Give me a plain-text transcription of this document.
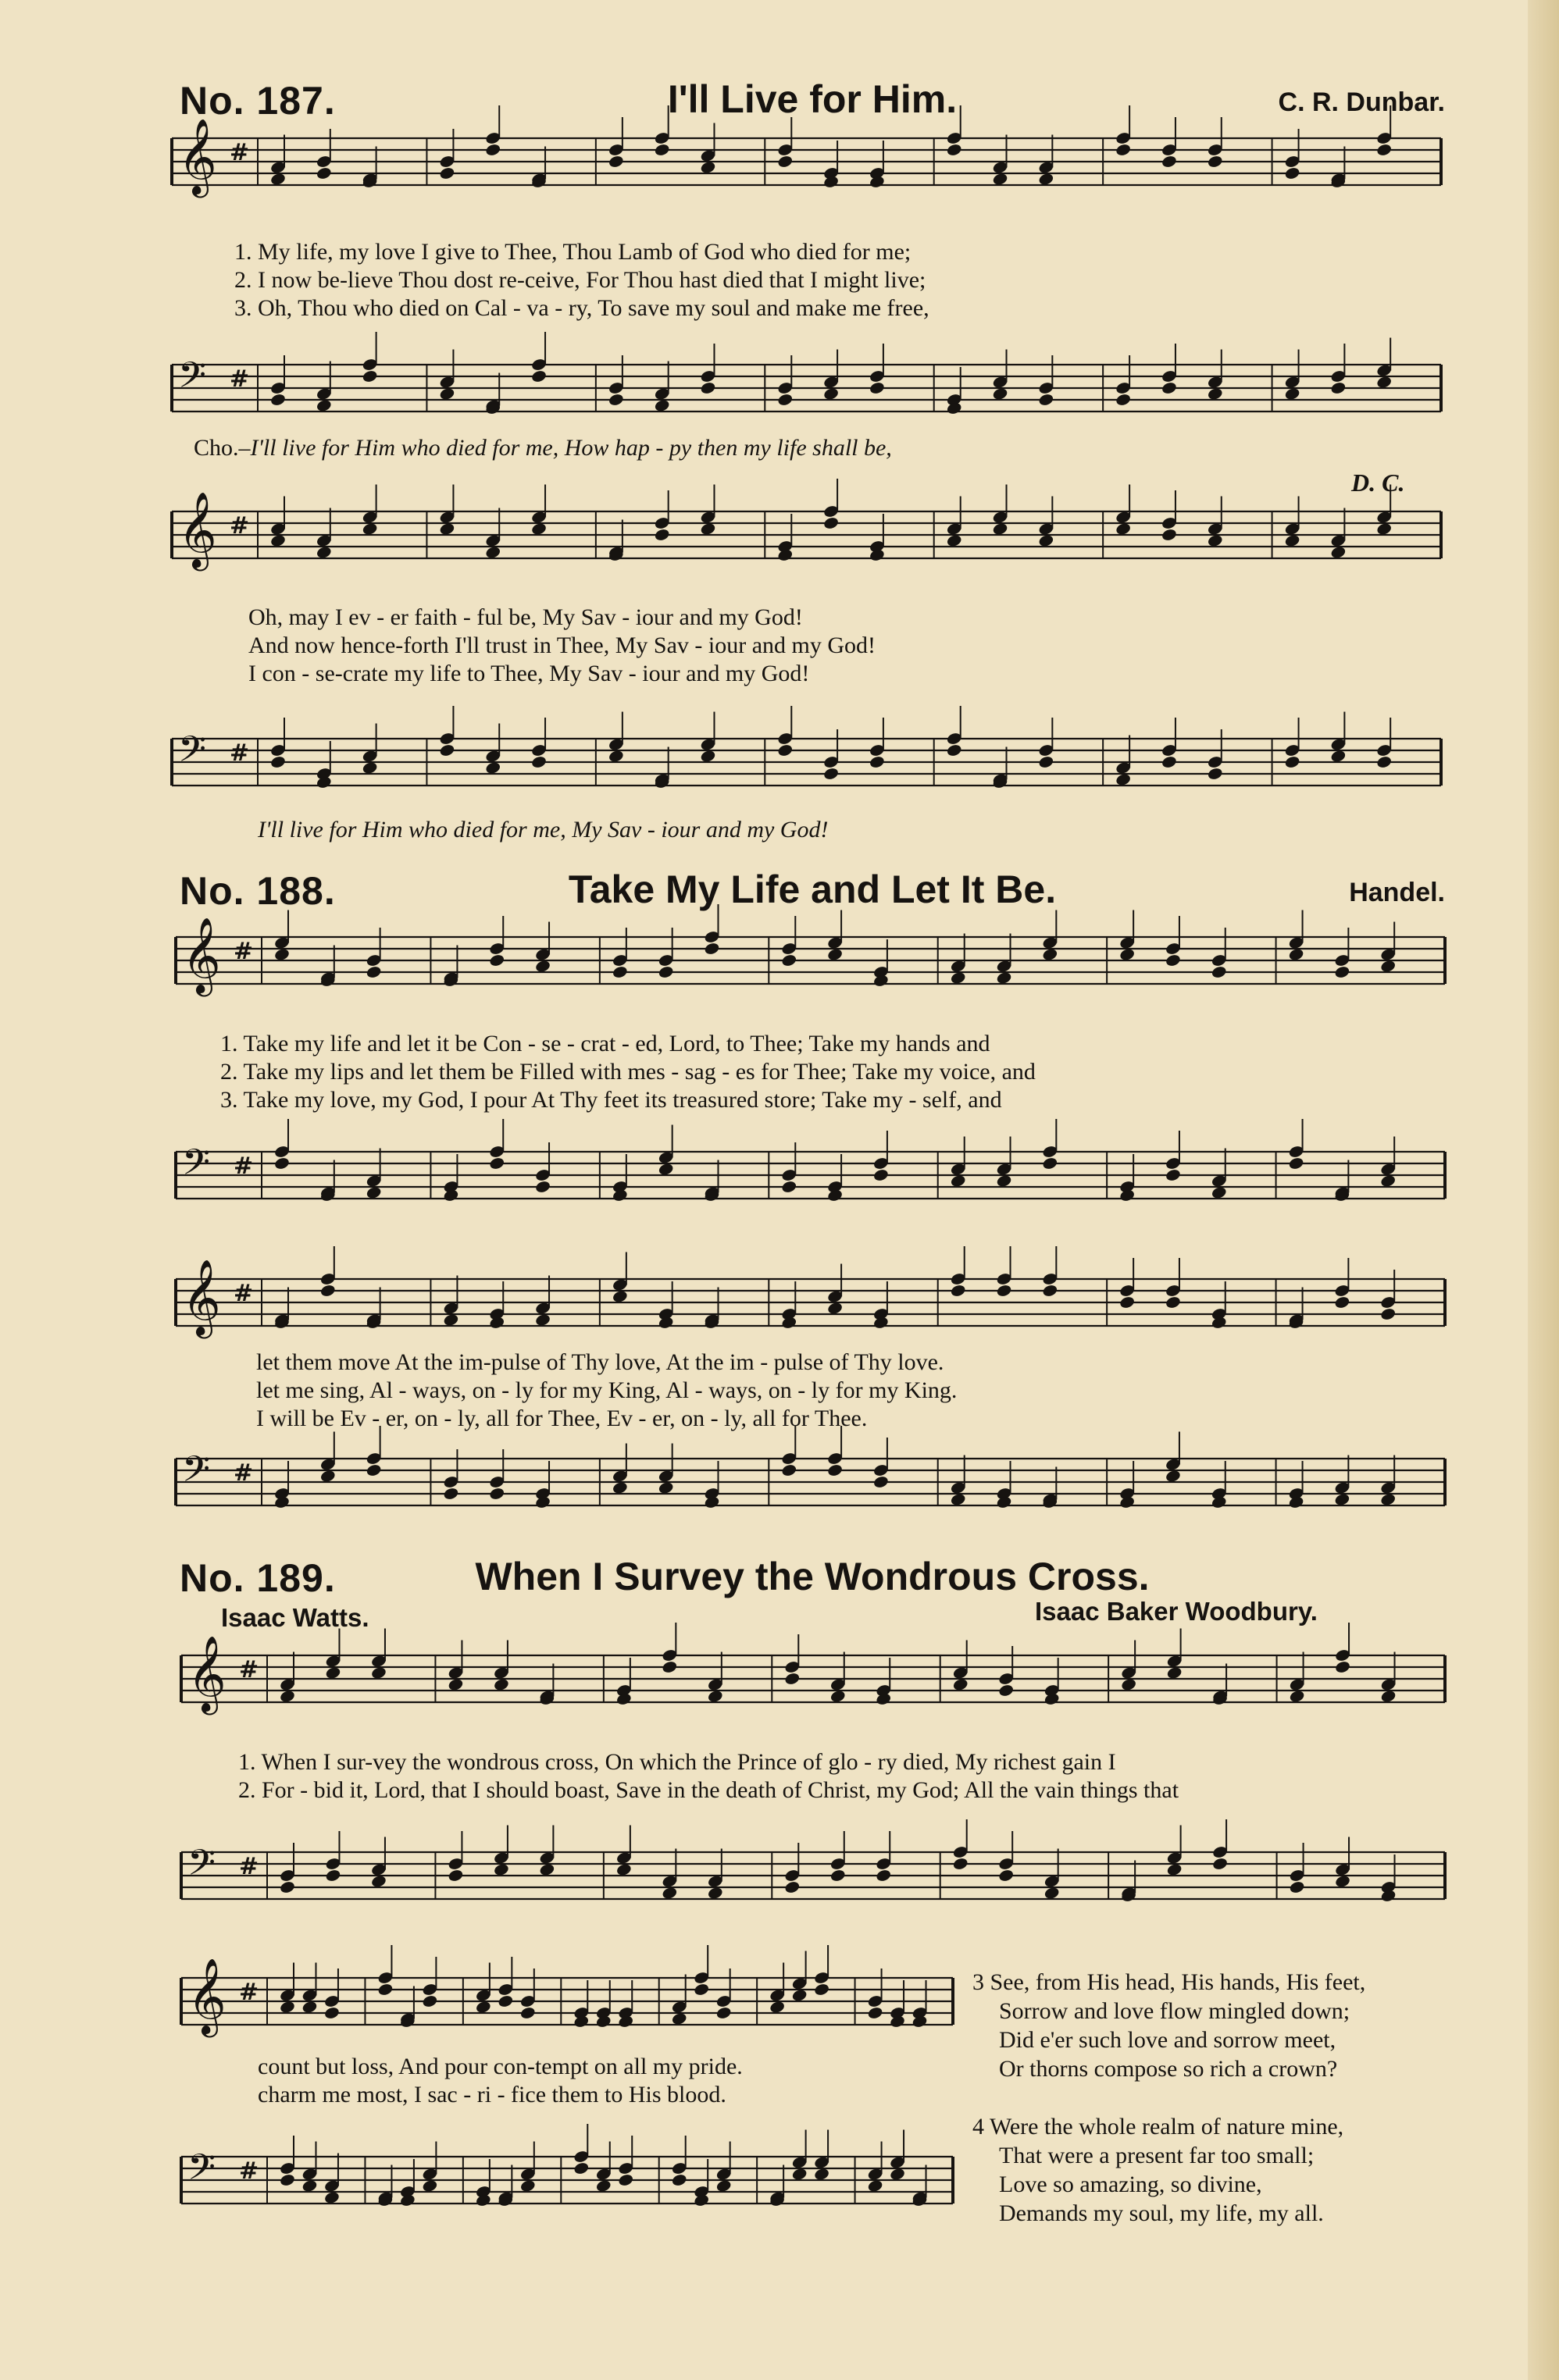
No. 187.	I'll Live for Him.	C. R. Dunbar.
𝄞 #
1. My life, my love I give to Thee, Thou Lamb of God who died for me;
2. I now be-lieve Thou dost re-ceive, For Thou hast died that I might live;
3. Oh, Thou who died on Cal - va - ry, To save my soul and make me free,
𝄢 #
Cho.–I'll live for Him who died for me, How hap - py then my life shall be,
D. C.
𝄞 #
Oh, may I ev - er faith - ful be, My Sav - iour and my God!
And now hence-forth I'll trust in Thee, My Sav - iour and my God!
I con - se-crate my life to Thee, My Sav - iour and my God!
𝄢 #
I'll live for Him who died for me, My Sav - iour and my God!
No. 188.	Take My Life and Let It Be.	Handel.
𝄞 #
1. Take my life and let it be Con - se - crat - ed, Lord, to Thee; Take my hands and
2. Take my lips and let them be Filled with mes - sag - es for Thee; Take my voice, and
3. Take my love, my God, I pour At Thy feet its treasured store; Take my - self, and
𝄢 #
𝄞 #
let them move At the im-pulse of Thy love, At the im - pulse of Thy love.
let me sing, Al - ways, on - ly for my King, Al - ways, on - ly for my King.
I will be Ev - er, on - ly, all for Thee, Ev - er, on - ly, all for Thee.
𝄢 #
No. 189.	When I Survey the Wondrous Cross.
Isaac Watts.	Isaac Baker Woodbury.
𝄞 #
1. When I sur-vey the wondrous cross, On which the Prince of glo - ry died, My richest gain I
2. For - bid it, Lord, that I should boast, Save in the death of Christ, my God; All the vain things that
𝄢 #
𝄞 #
count but loss, And pour con-tempt on all my pride.
charm me most, I sac - ri - fice them to His blood.
𝄢 #
3 See, from His head, His hands, His feet,
Sorrow and love flow mingled down;
Did e'er such love and sorrow meet,
Or thorns compose so rich a crown?
4 Were the whole realm of nature mine,
That were a present far too small;
Love so amazing, so divine,
Demands my soul, my life, my all.
